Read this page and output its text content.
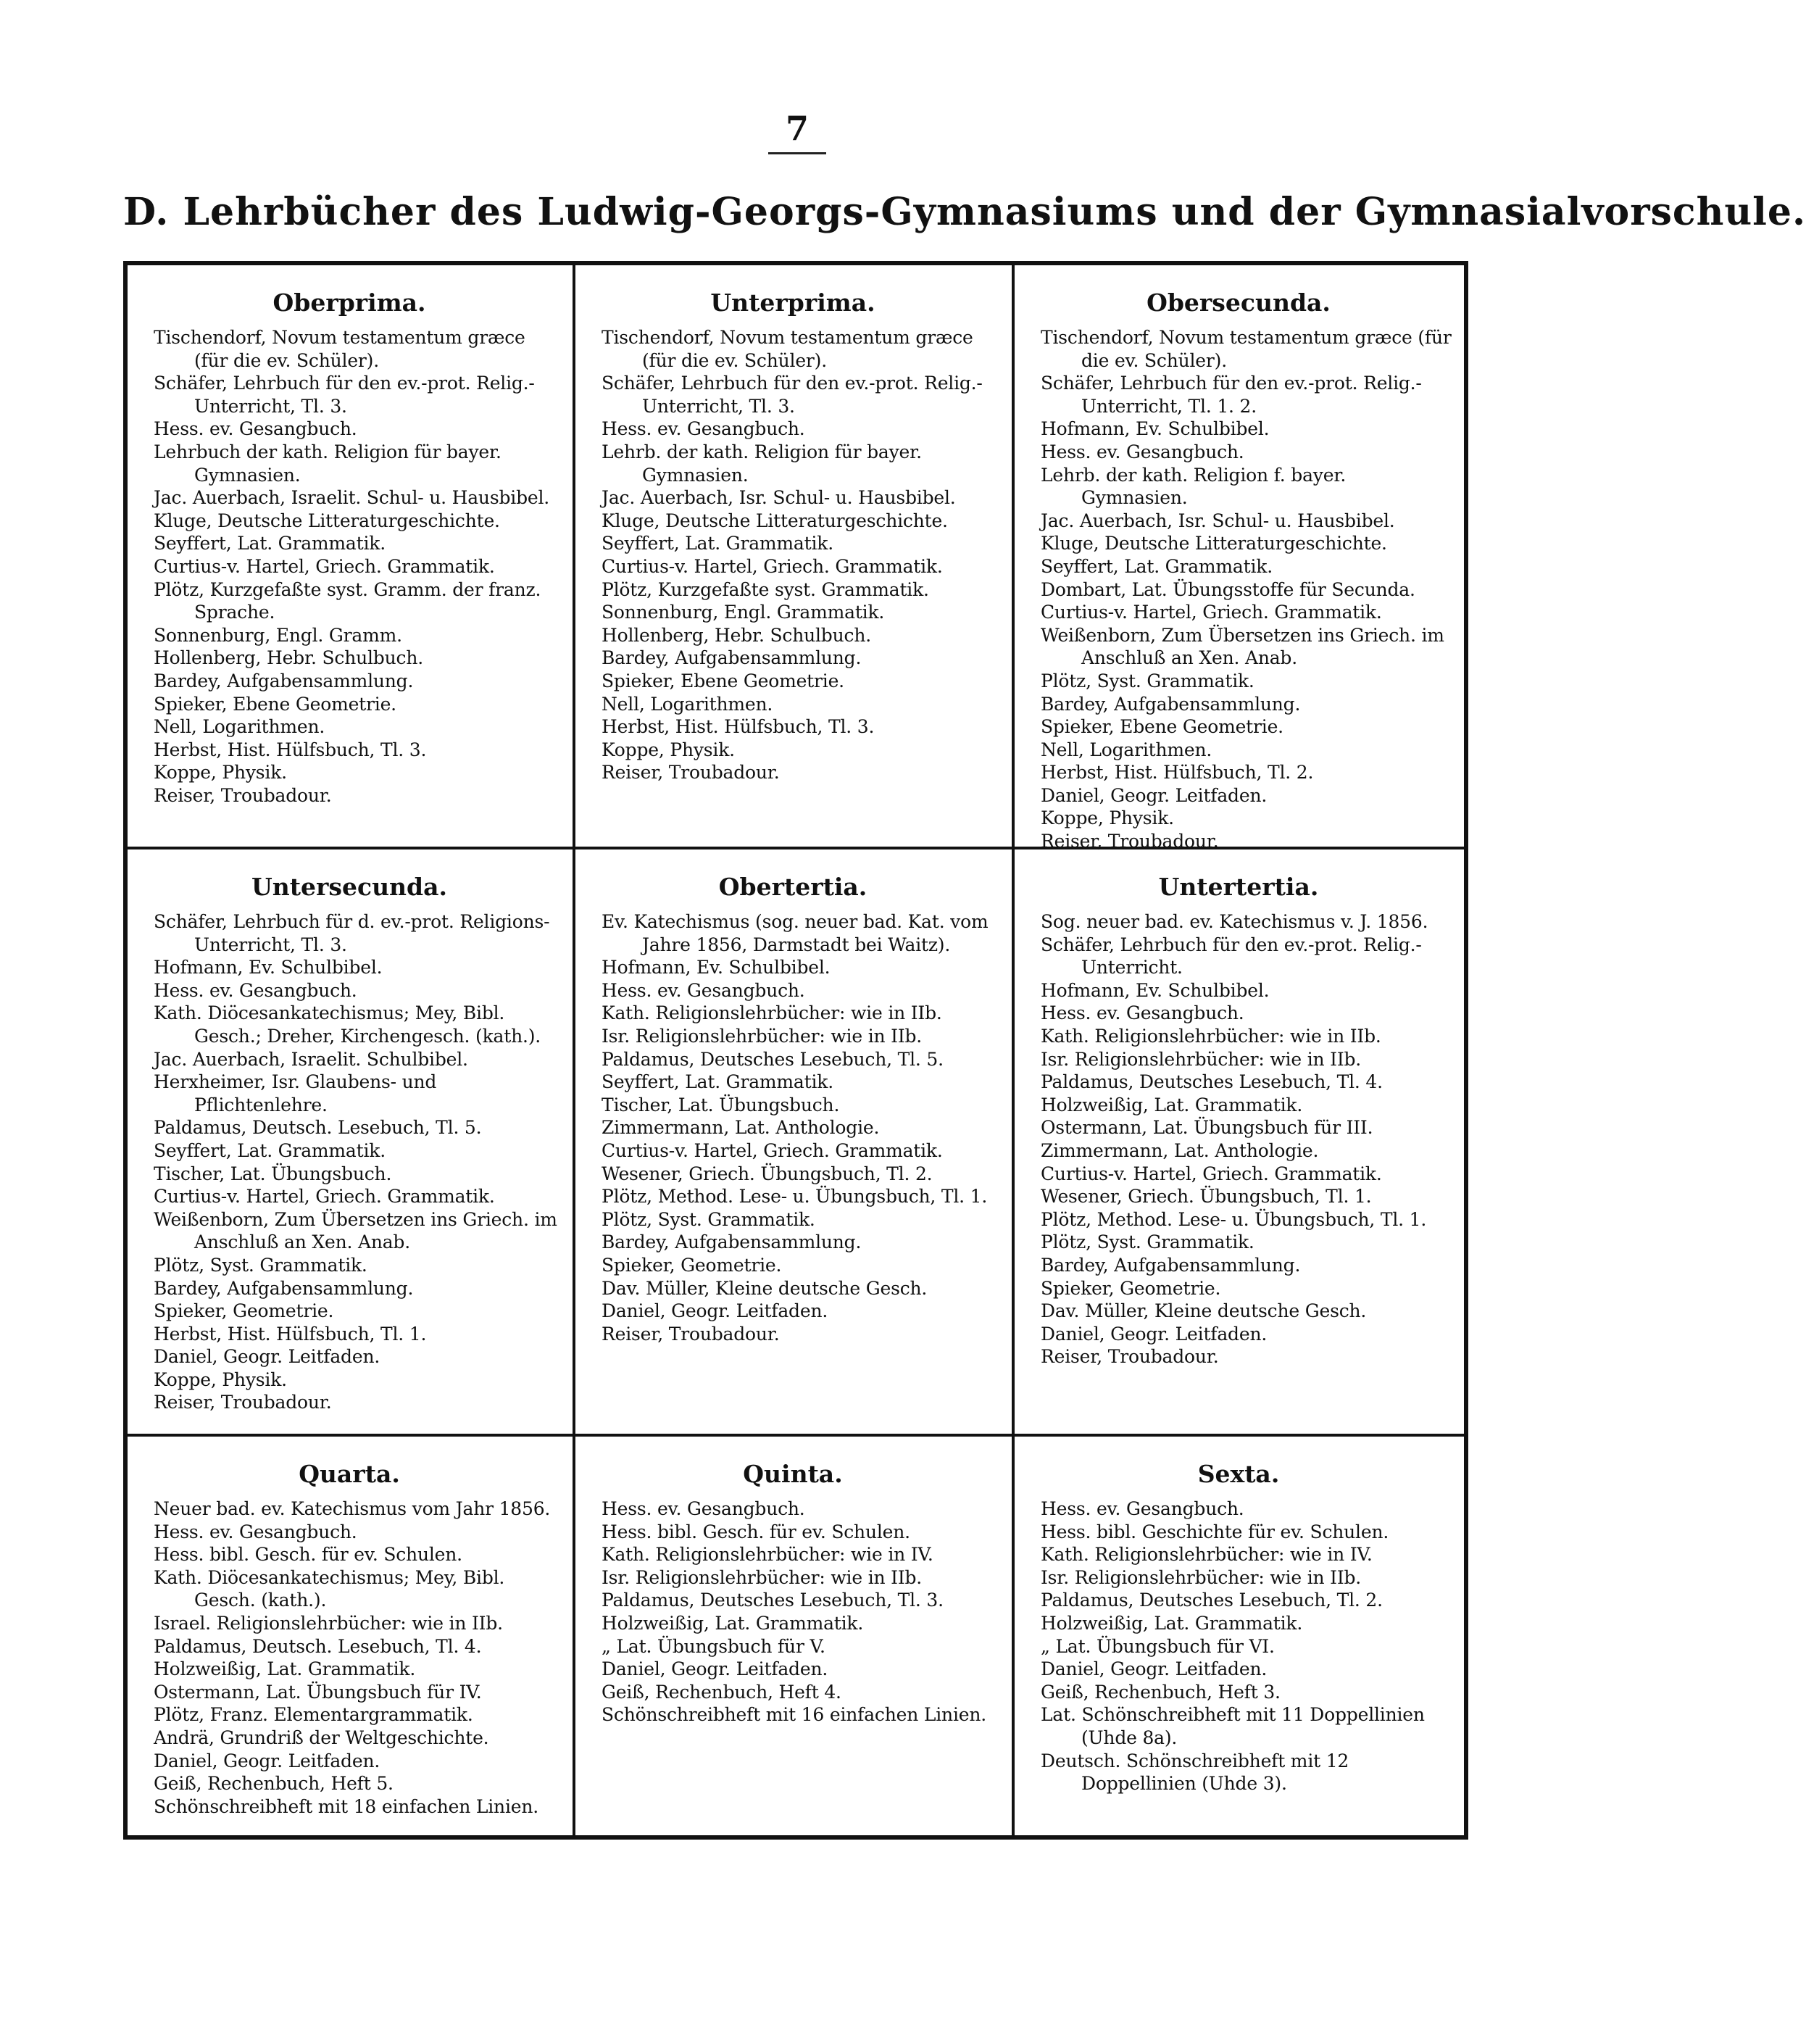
7
D. Lehrbücher des Ludwig-Georgs-Gymnasiums und der Gymnasialvorschule.
Oberprima.
Tischendorf, Novum testamentum græce (für die ev. Schüler).
Schäfer, Lehrbuch für den ev.-prot. Relig.-Unterricht, Tl. 3.
Hess. ev. Gesangbuch.
Lehrbuch der kath. Religion für bayer. Gymnasien.
Jac. Auerbach, Israelit. Schul- u. Hausbibel.
Kluge, Deutsche Litteraturgeschichte.
Seyffert, Lat. Grammatik.
Curtius-v. Hartel, Griech. Grammatik.
Plötz, Kurzgefaßte syst. Gramm. der franz. Sprache.
Sonnenburg, Engl. Gramm.
Hollenberg, Hebr. Schulbuch.
Bardey, Aufgabensammlung.
Spieker, Ebene Geometrie.
Nell, Logarithmen.
Herbst, Hist. Hülfsbuch, Tl. 3.
Koppe, Physik.
Reiser, Troubadour.
Unterprima.
Tischendorf, Novum testamentum græce (für die ev. Schüler).
Schäfer, Lehrbuch für den ev.-prot. Relig.-Unterricht, Tl. 3.
Hess. ev. Gesangbuch.
Lehrb. der kath. Religion für bayer. Gymnasien.
Jac. Auerbach, Isr. Schul- u. Hausbibel.
Kluge, Deutsche Litteraturgeschichte.
Seyffert, Lat. Grammatik.
Curtius-v. Hartel, Griech. Grammatik.
Plötz, Kurzgefaßte syst. Grammatik.
Sonnenburg, Engl. Grammatik.
Hollenberg, Hebr. Schulbuch.
Bardey, Aufgabensammlung.
Spieker, Ebene Geometrie.
Nell, Logarithmen.
Herbst, Hist. Hülfsbuch, Tl. 3.
Koppe, Physik.
Reiser, Troubadour.
Obersecunda.
Tischendorf, Novum testamentum græce (für die ev. Schüler).
Schäfer, Lehrbuch für den ev.-prot. Relig.-Unterricht, Tl. 1. 2.
Hofmann, Ev. Schulbibel.
Hess. ev. Gesangbuch.
Lehrb. der kath. Religion f. bayer. Gymnasien.
Jac. Auerbach, Isr. Schul- u. Hausbibel.
Kluge, Deutsche Litteraturgeschichte.
Seyffert, Lat. Grammatik.
Dombart, Lat. Übungsstoffe für Secunda.
Curtius-v. Hartel, Griech. Grammatik.
Weißenborn, Zum Übersetzen ins Griech. im Anschluß an Xen. Anab.
Plötz, Syst. Grammatik.
Bardey, Aufgabensammlung.
Spieker, Ebene Geometrie.
Nell, Logarithmen.
Herbst, Hist. Hülfsbuch, Tl. 2.
Daniel, Geogr. Leitfaden.
Koppe, Physik.
Reiser, Troubadour.
Untersecunda.
Schäfer, Lehrbuch für d. ev.-prot. Religions-Unterricht, Tl. 3.
Hofmann, Ev. Schulbibel.
Hess. ev. Gesangbuch.
Kath. Diöcesankatechismus; Mey, Bibl. Gesch.; Dreher, Kirchengesch. (kath.).
Jac. Auerbach, Israelit. Schulbibel.
Herxheimer, Isr. Glaubens- und Pflichtenlehre.
Paldamus, Deutsch. Lesebuch, Tl. 5.
Seyffert, Lat. Grammatik.
Tischer, Lat. Übungsbuch.
Curtius-v. Hartel, Griech. Grammatik.
Weißenborn, Zum Übersetzen ins Griech. im Anschluß an Xen. Anab.
Plötz, Syst. Grammatik.
Bardey, Aufgabensammlung.
Spieker, Geometrie.
Herbst, Hist. Hülfsbuch, Tl. 1.
Daniel, Geogr. Leitfaden.
Koppe, Physik.
Reiser, Troubadour.
Obertertia.
Ev. Katechismus (sog. neuer bad. Kat. vom Jahre 1856, Darmstadt bei Waitz).
Hofmann, Ev. Schulbibel.
Hess. ev. Gesangbuch.
Kath. Religionslehrbücher: wie in IIb.
Isr. Religionslehrbücher: wie in IIb.
Paldamus, Deutsches Lesebuch, Tl. 5.
Seyffert, Lat. Grammatik.
Tischer, Lat. Übungsbuch.
Zimmermann, Lat. Anthologie.
Curtius-v. Hartel, Griech. Grammatik.
Wesener, Griech. Übungsbuch, Tl. 2.
Plötz, Method. Lese- u. Übungsbuch, Tl. 1.
Plötz, Syst. Grammatik.
Bardey, Aufgabensammlung.
Spieker, Geometrie.
Dav. Müller, Kleine deutsche Gesch.
Daniel, Geogr. Leitfaden.
Reiser, Troubadour.
Untertertia.
Sog. neuer bad. ev. Katechismus v. J. 1856.
Schäfer, Lehrbuch für den ev.-prot. Relig.-Unterricht.
Hofmann, Ev. Schulbibel.
Hess. ev. Gesangbuch.
Kath. Religionslehrbücher: wie in IIb.
Isr. Religionslehrbücher: wie in IIb.
Paldamus, Deutsches Lesebuch, Tl. 4.
Holzweißig, Lat. Grammatik.
Ostermann, Lat. Übungsbuch für III.
Zimmermann, Lat. Anthologie.
Curtius-v. Hartel, Griech. Grammatik.
Wesener, Griech. Übungsbuch, Tl. 1.
Plötz, Method. Lese- u. Übungsbuch, Tl. 1.
Plötz, Syst. Grammatik.
Bardey, Aufgabensammlung.
Spieker, Geometrie.
Dav. Müller, Kleine deutsche Gesch.
Daniel, Geogr. Leitfaden.
Reiser, Troubadour.
Quarta.
Neuer bad. ev. Katechismus vom Jahr 1856.
Hess. ev. Gesangbuch.
Hess. bibl. Gesch. für ev. Schulen.
Kath. Diöcesankatechismus; Mey, Bibl. Gesch. (kath.).
Israel. Religionslehrbücher: wie in IIb.
Paldamus, Deutsch. Lesebuch, Tl. 4.
Holzweißig, Lat. Grammatik.
Ostermann, Lat. Übungsbuch für IV.
Plötz, Franz. Elementargrammatik.
Andrä, Grundriß der Weltgeschichte.
Daniel, Geogr. Leitfaden.
Geiß, Rechenbuch, Heft 5.
Schönschreibheft mit 18 einfachen Linien.
Quinta.
Hess. ev. Gesangbuch.
Hess. bibl. Gesch. für ev. Schulen.
Kath. Religionslehrbücher: wie in IV.
Isr. Religionslehrbücher: wie in IIb.
Paldamus, Deutsches Lesebuch, Tl. 3.
Holzweißig, Lat. Grammatik.
„ Lat. Übungsbuch für V.
Daniel, Geogr. Leitfaden.
Geiß, Rechenbuch, Heft 4.
Schönschreibheft mit 16 einfachen Linien.
Sexta.
Hess. ev. Gesangbuch.
Hess. bibl. Geschichte für ev. Schulen.
Kath. Religionslehrbücher: wie in IV.
Isr. Religionslehrbücher: wie in IIb.
Paldamus, Deutsches Lesebuch, Tl. 2.
Holzweißig, Lat. Grammatik.
„ Lat. Übungsbuch für VI.
Daniel, Geogr. Leitfaden.
Geiß, Rechenbuch, Heft 3.
Lat. Schönschreibheft mit 11 Doppellinien (Uhde 8a).
Deutsch. Schönschreibheft mit 12 Doppellinien (Uhde 3).
